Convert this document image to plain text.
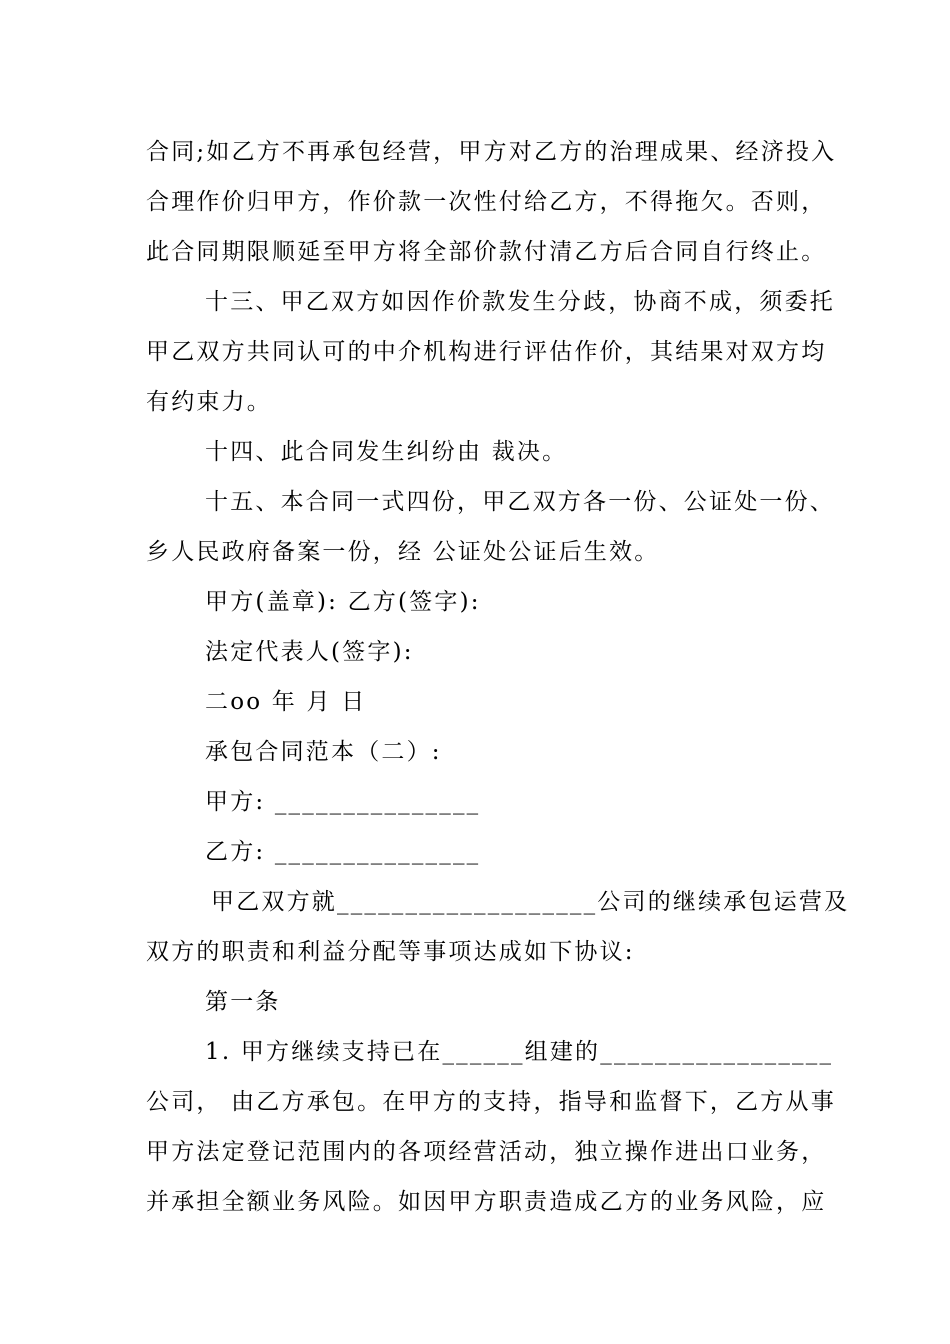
合同;如乙方不再承包经营，甲方对乙方的治理成果、经济投入
合理作价归甲方，作价款一次性付给乙方，不得拖欠。否则，
此合同期限顺延至甲方将全部价款付清乙方后合同自行终止。
十三、甲乙双方如因作价款发生分歧，协商不成，须委托
甲乙双方共同认可的中介机构进行评估作价，其结果对双方均
有约束力。
十四、此合同发生纠纷由 裁决。
十五、本合同一式四份，甲乙双方各一份、公证处一份、
乡人民政府备案一份，经 公证处公证后生效。
甲方(盖章): 乙方(签字):
法定代表人(签字):
二oo 年 月 日
承包合同范本（二）:
甲方: _______________
乙方: _______________
甲乙双方就___________________公司的继续承包运营及
双方的职责和利益分配等事项达成如下协议:
第一条
1. 甲方继续支持已在______组建的_________________
公司， 由乙方承包。在甲方的支持，指导和监督下，乙方从事
甲方法定登记范围内的各项经营活动，独立操作进出口业务，
并承担全额业务风险。如因甲方职责造成乙方的业务风险，应
